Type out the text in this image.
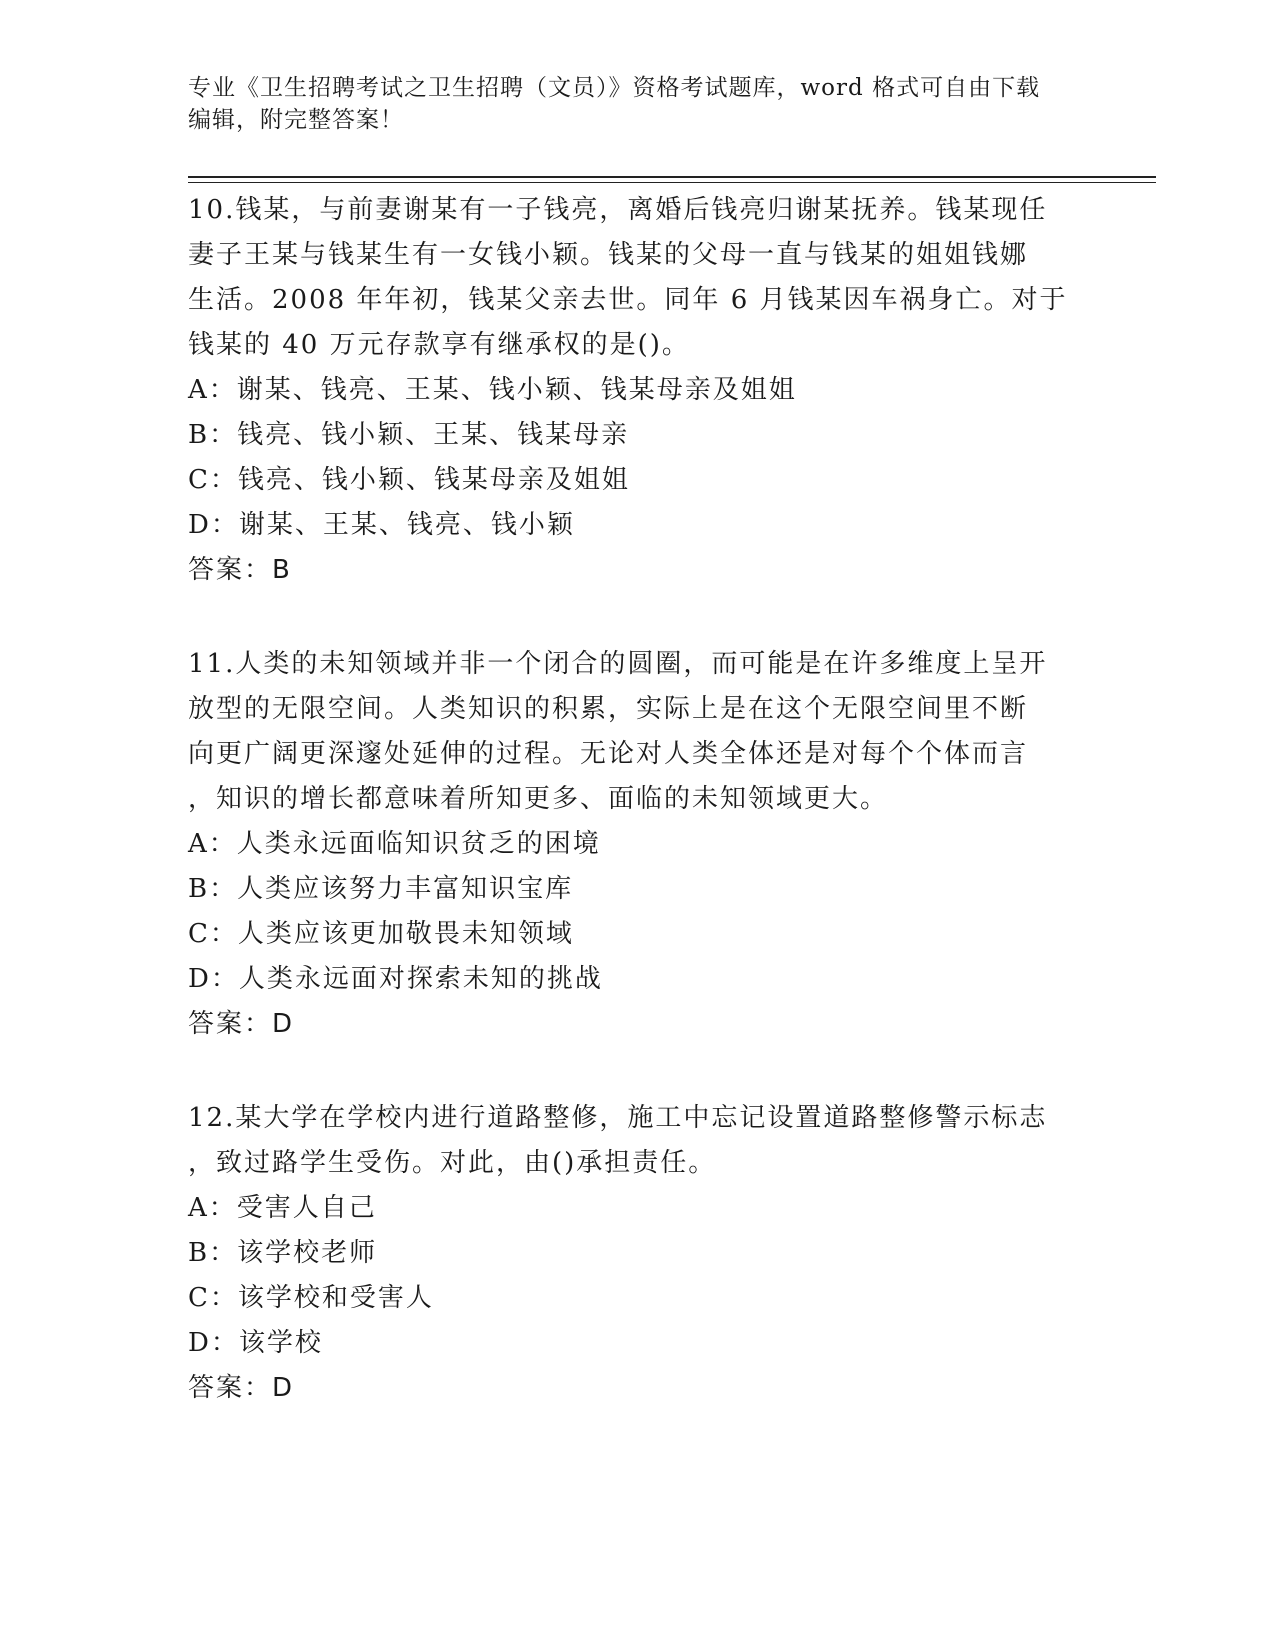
专业《卫生招聘考试之卫生招聘（文员）》资格考试题库，word 格式可自由下载
编辑，附完整答案！
10.钱某，与前妻谢某有一子钱亮，离婚后钱亮归谢某抚养。钱某现任
妻子王某与钱某生有一女钱小颖。钱某的父母一直与钱某的姐姐钱娜
生活。2008 年年初，钱某父亲去世。同年 6 月钱某因车祸身亡。对于
钱某的 40 万元存款享有继承权的是()。
A：谢某、钱亮、王某、钱小颖、钱某母亲及姐姐
B：钱亮、钱小颖、王某、钱某母亲
C：钱亮、钱小颖、钱某母亲及姐姐
D：谢某、王某、钱亮、钱小颖
答案：B
11.人类的未知领域并非一个闭合的圆圈，而可能是在许多维度上呈开
放型的无限空间。人类知识的积累，实际上是在这个无限空间里不断
向更广阔更深邃处延伸的过程。无论对人类全体还是对每个个体而言
，知识的增长都意味着所知更多、面临的未知领域更大。
A：人类永远面临知识贫乏的困境
B：人类应该努力丰富知识宝库
C：人类应该更加敬畏未知领域
D：人类永远面对探索未知的挑战
答案：D
12.某大学在学校内进行道路整修，施工中忘记设置道路整修警示标志
，致过路学生受伤。对此，由()承担责任。
A：受害人自己
B：该学校老师
C：该学校和受害人
D：该学校
答案：D
